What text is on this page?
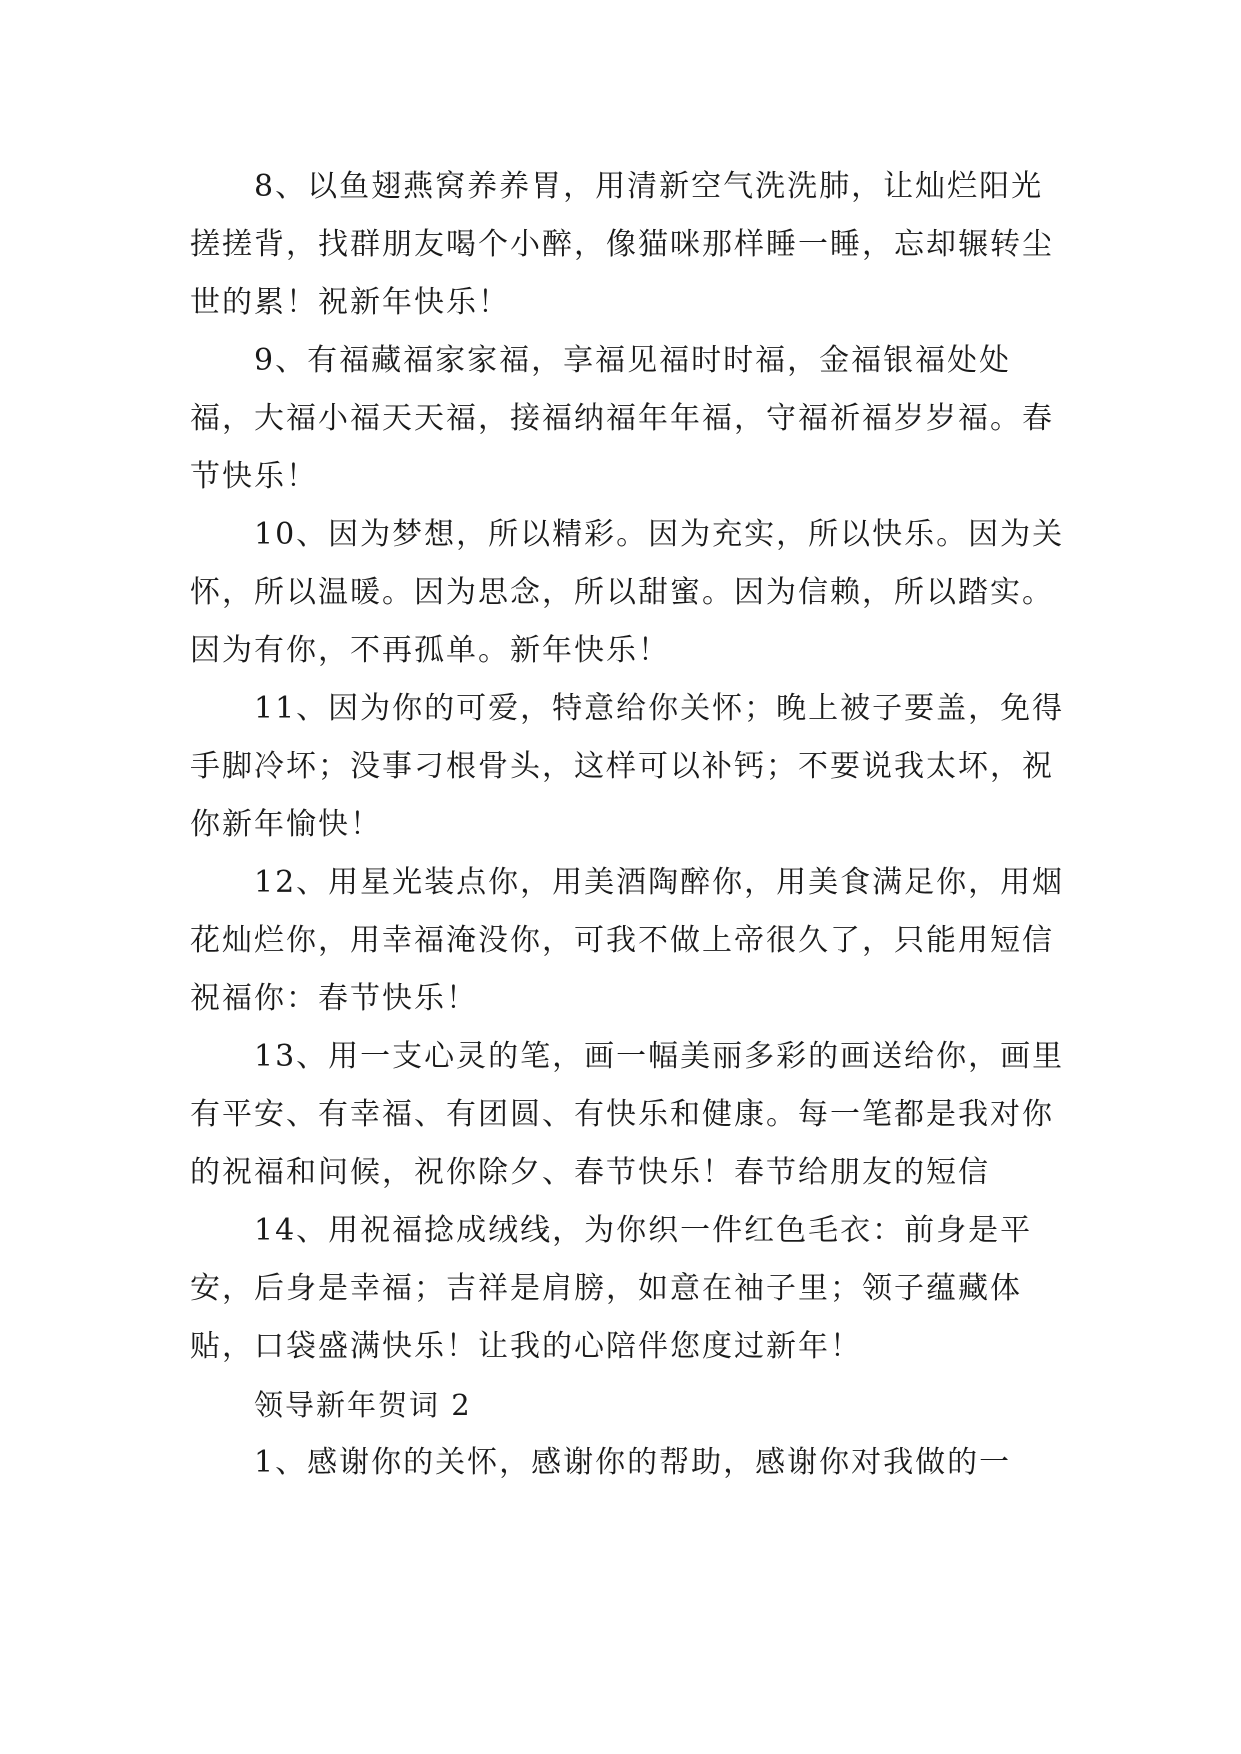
8、以鱼翅燕窝养养胃，用清新空气洗洗肺，让灿烂阳光搓搓背，找群朋友喝个小醉，像猫咪那样睡一睡，忘却辗转尘世的累！祝新年快乐！

9、有福藏福家家福，享福见福时时福，金福银福处处福，大福小福天天福，接福纳福年年福，守福祈福岁岁福。春节快乐！

10、因为梦想，所以精彩。因为充实，所以快乐。因为关怀，所以温暖。因为思念，所以甜蜜。因为信赖，所以踏实。因为有你，不再孤单。新年快乐！

11、因为你的可爱，特意给你关怀；晚上被子要盖，免得手脚冷坏；没事刁根骨头，这样可以补钙；不要说我太坏，祝你新年愉快！

12、用星光装点你，用美酒陶醉你，用美食满足你，用烟花灿烂你，用幸福淹没你，可我不做上帝很久了，只能用短信祝福你：春节快乐！

13、用一支心灵的笔，画一幅美丽多彩的画送给你，画里有平安、有幸福、有团圆、有快乐和健康。每一笔都是我对你的祝福和问候，祝你除夕、春节快乐！春节给朋友的短信

14、用祝福捻成绒线，为你织一件红色毛衣：前身是平安，后身是幸福；吉祥是肩膀，如意在袖子里；领子蕴藏体贴，口袋盛满快乐！让我的心陪伴您度过新年！

领导新年贺词 2

1、感谢你的关怀，感谢你的帮助，感谢你对我做的一
